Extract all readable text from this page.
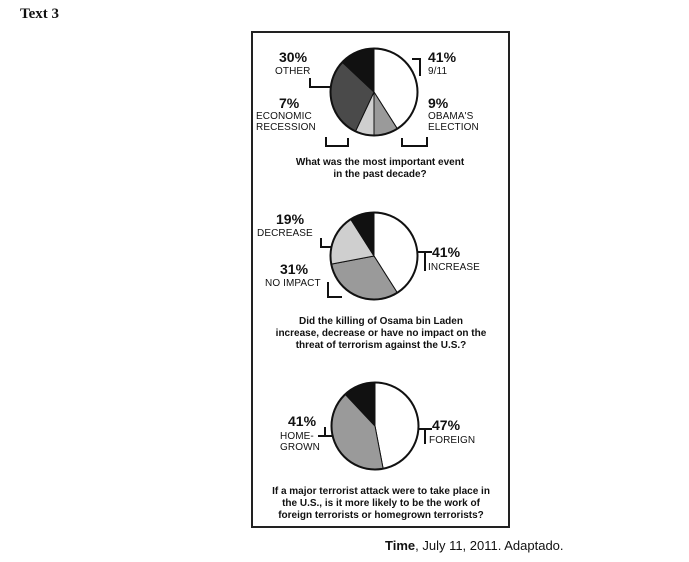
Text 3
30%
OTHER
41%
9/11
7%
ECONOMIC
RECESSION
9%
OBAMA'S
ELECTION
What was the most important event
in the past decade?
19%
DECREASE
41%
INCREASE
31%
NO IMPACT
Did the killing of Osama bin Laden
increase, decrease or have no impact on the
threat of terrorism against the U.S.?
41%
HOME-
GROWN
47%
FOREIGN
If a major terrorist attack were to take place in
the U.S., is it more likely to be the work of
foreign terrorists or homegrown terrorists?
Time, July 11, 2011. Adaptado.
